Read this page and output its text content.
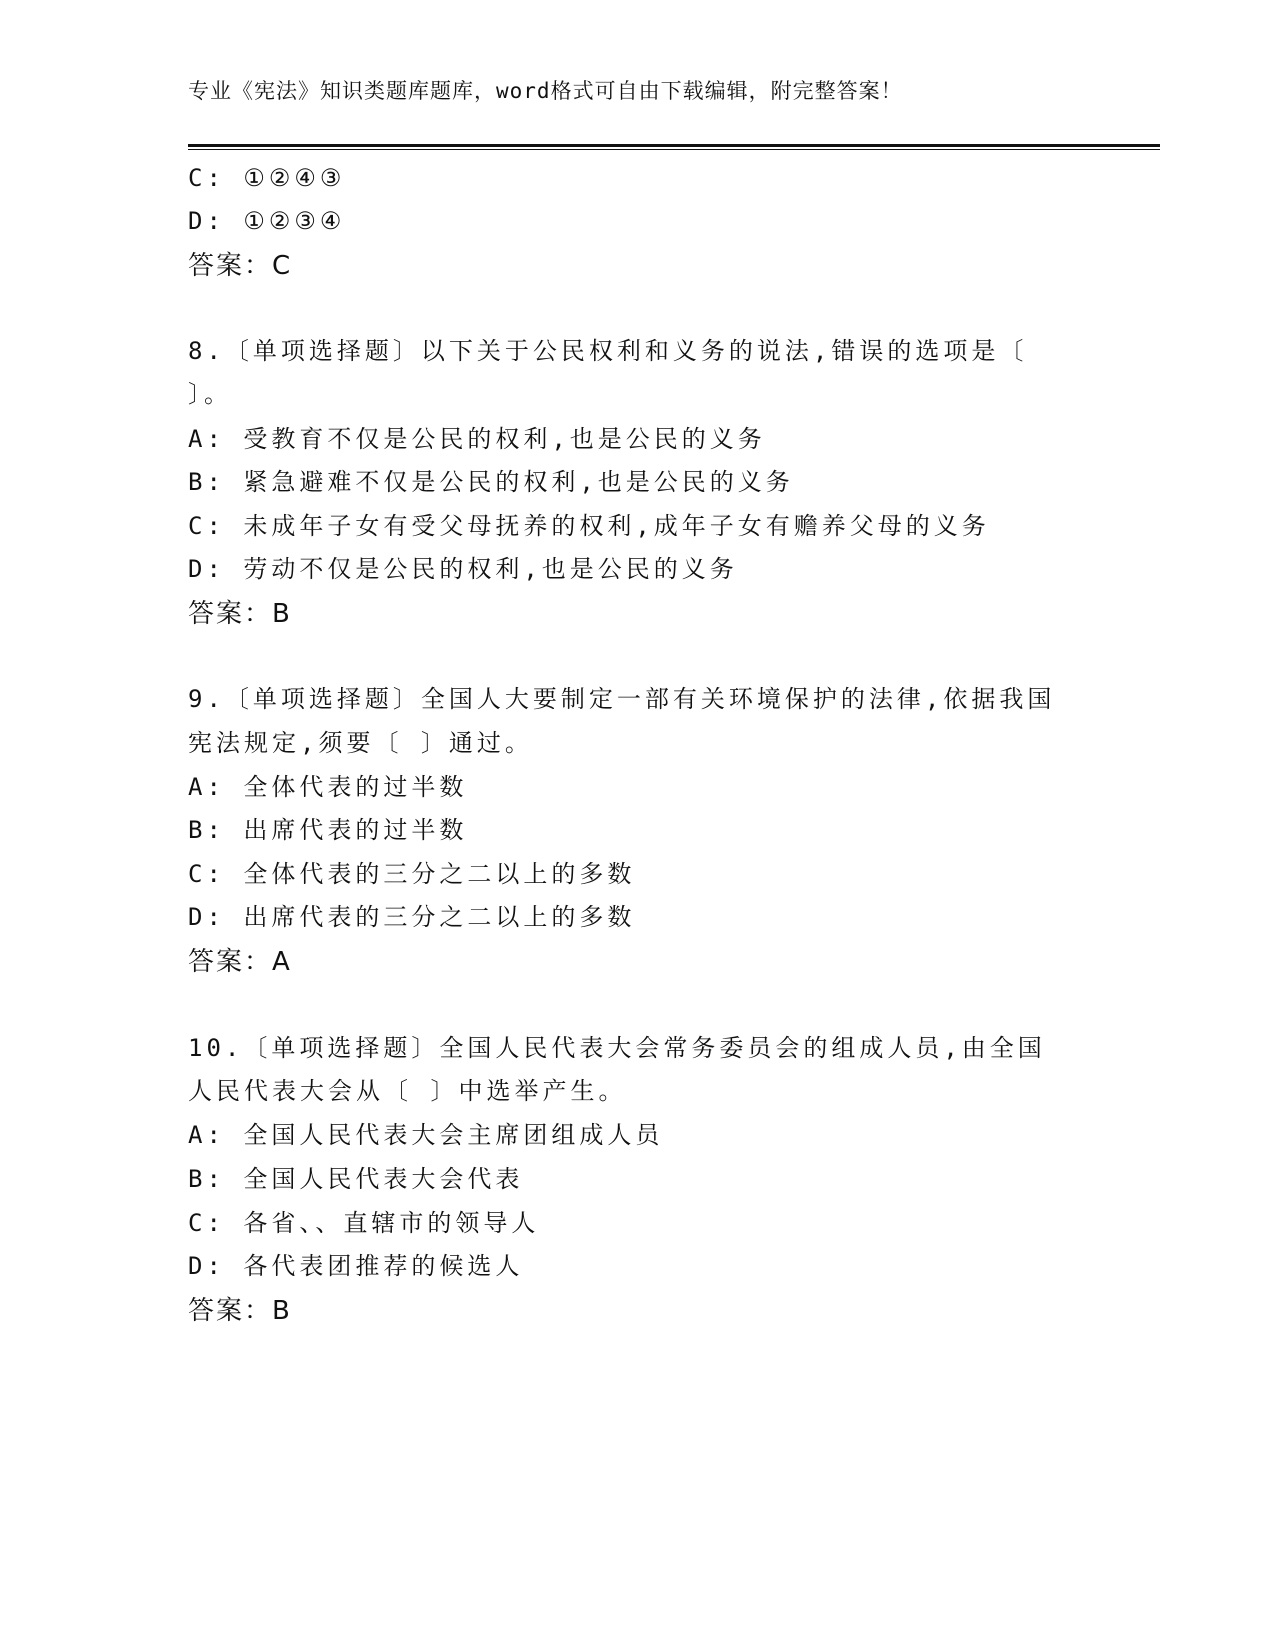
专业《宪法》知识类题库题库，word格式可自由下载编辑，附完整答案！
C: ①②④③
D: ①②③④
答案：C
8.〔单项选择题〕以下关于公民权利和义务的说法,错误的选项是〔
〕。
A: 受教育不仅是公民的权利,也是公民的义务
B: 紧急避难不仅是公民的权利,也是公民的义务
C: 未成年子女有受父母抚养的权利,成年子女有赡养父母的义务
D: 劳动不仅是公民的权利,也是公民的义务
答案：B
9.〔单项选择题〕全国人大要制定一部有关环境保护的法律,依据我国
宪法规定,须要〔 〕通过。
A: 全体代表的过半数
B: 出席代表的过半数
C: 全体代表的三分之二以上的多数
D: 出席代表的三分之二以上的多数
答案：A
10.〔单项选择题〕全国人民代表大会常务委员会的组成人员,由全国
人民代表大会从〔 〕中选举产生。
A: 全国人民代表大会主席团组成人员
B: 全国人民代表大会代表
C: 各省、、直辖市的领导人
D: 各代表团推荐的候选人
答案：B
